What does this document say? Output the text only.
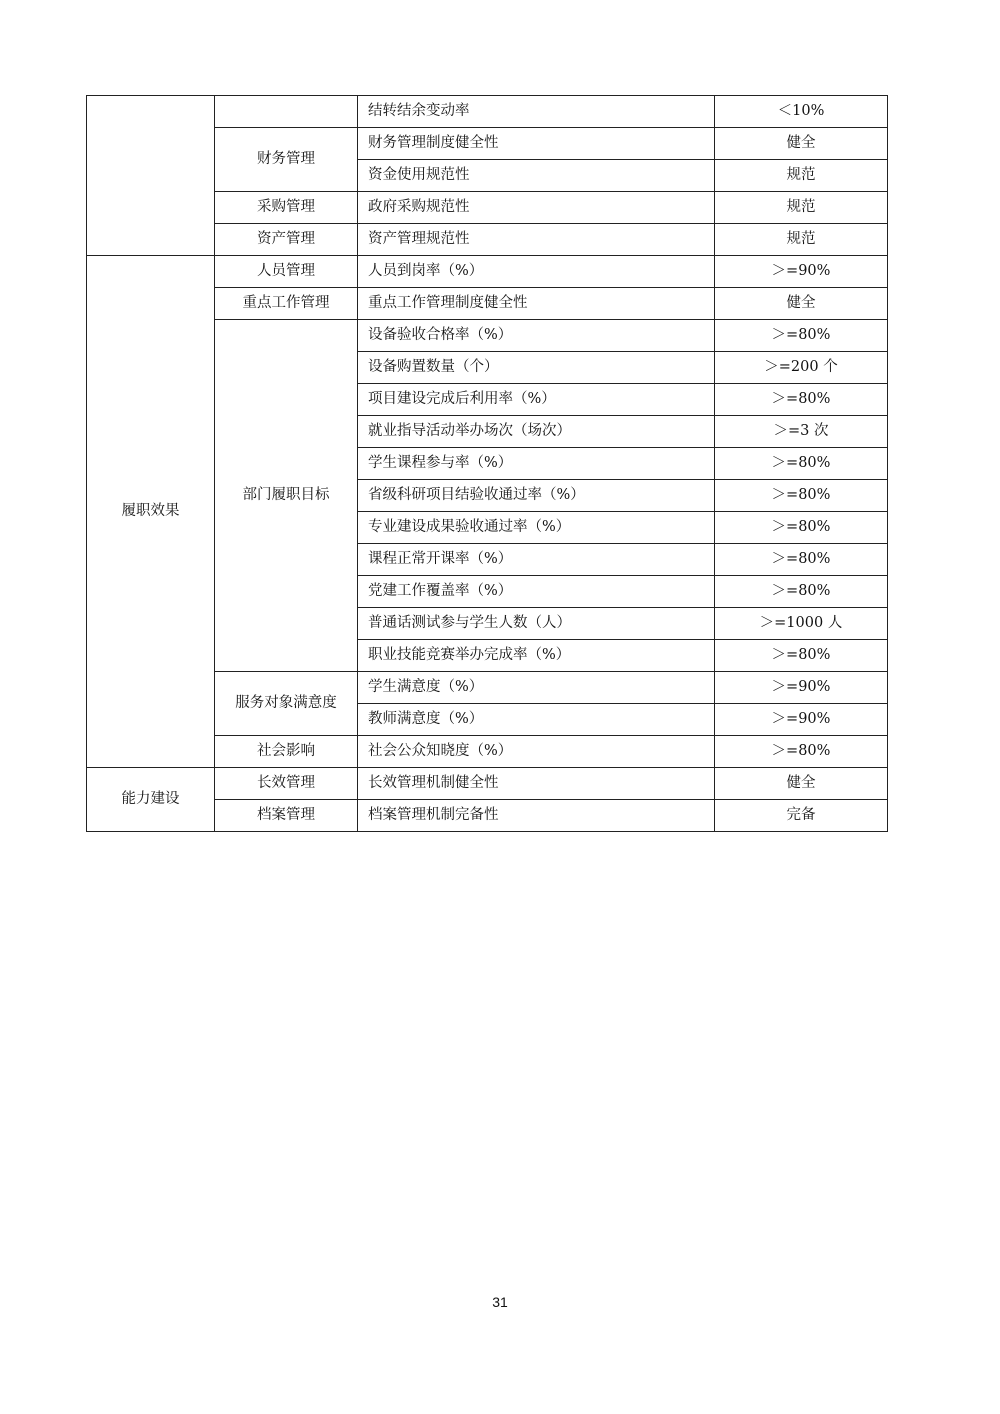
		结转结余变动率	＜10%
	财务管理	财务管理制度健全性	健全
		资金使用规范性	规范
	采购管理	政府采购规范性	规范
	资产管理	资产管理规范性	规范
履职效果	人员管理	人员到岗率（%）	＞=90%
	重点工作管理	重点工作管理制度健全性	健全
	部门履职目标	设备验收合格率（%）	＞=80%
		设备购置数量（个）	＞=200 个
		项目建设完成后利用率（%）	＞=80%
		就业指导活动举办场次（场次）	＞=3 次
		学生课程参与率（%）	＞=80%
		省级科研项目结验收通过率（%）	＞=80%
		专业建设成果验收通过率（%）	＞=80%
		课程正常开课率（%）	＞=80%
		党建工作覆盖率（%）	＞=80%
		普通话测试参与学生人数（人）	＞=1000 人
		职业技能竞赛举办完成率（%）	＞=80%
	服务对象满意度	学生满意度（%）	＞=90%
		教师满意度（%）	＞=90%
	社会影响	社会公众知晓度（%）	＞=80%
能力建设	长效管理	长效管理机制健全性	健全
	档案管理	档案管理机制完备性	完备
31
